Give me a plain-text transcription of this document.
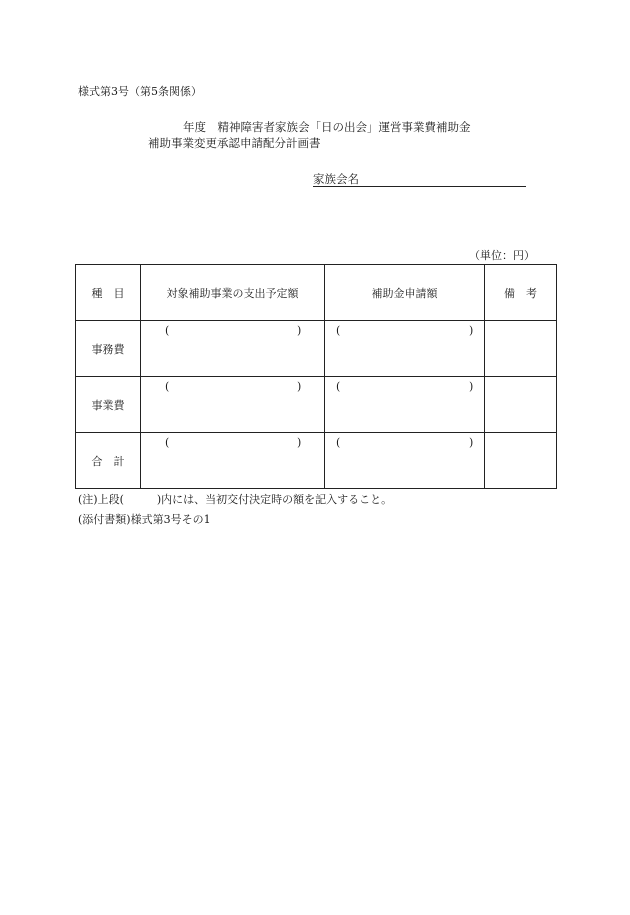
様式第3号（第5条関係）
年度　精神障害者家族会「日の出会」運営事業費補助金
補助事業変更承認申請配分計画書
家族会名
（単位：円）
種　目	対象補助事業の支出予定額	補助金申請額	備　考
事務費	( )	( )	

事業費	( )	( )	

合　計	( )	( )	

(注)上段(　　　)内には、当初交付決定時の額を記入すること。
(添付書類)様式第3号その1
